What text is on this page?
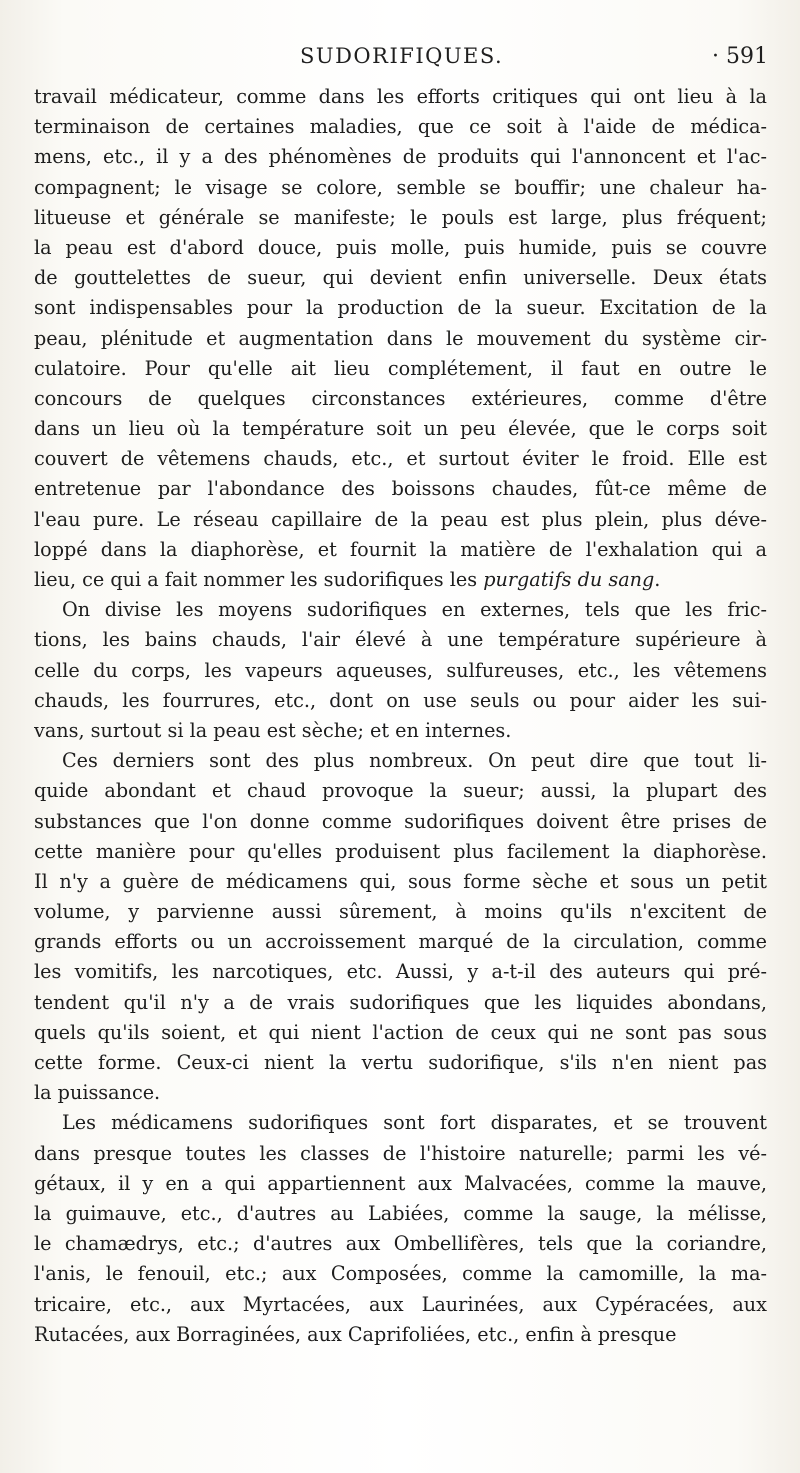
SUDORIFIQUES.	· 591
travail médicateur, comme dans les efforts critiques qui ont lieu à la
terminaison de certaines maladies, que ce soit à l'aide de médica-
mens, etc., il y a des phénomènes de produits qui l'annoncent et l'ac-
compagnent; le visage se colore, semble se bouffir; une chaleur ha-
litueuse et générale se manifeste; le pouls est large, plus fréquent;
la peau est d'abord douce, puis molle, puis humide, puis se couvre
de gouttelettes de sueur, qui devient enfin universelle. Deux états
sont indispensables pour la production de la sueur. Excitation de la
peau, plénitude et augmentation dans le mouvement du système cir-
culatoire. Pour qu'elle ait lieu complétement, il faut en outre le
concours de quelques circonstances extérieures, comme d'être
dans un lieu où la température soit un peu élevée, que le corps soit
couvert de vêtemens chauds, etc., et surtout éviter le froid. Elle est
entretenue par l'abondance des boissons chaudes, fût-ce même de
l'eau pure. Le réseau capillaire de la peau est plus plein, plus déve-
loppé dans la diaphorèse, et fournit la matière de l'exhalation qui a
lieu, ce qui a fait nommer les sudorifiques les purgatifs du sang.
On divise les moyens sudorifiques en externes, tels que les fric-
tions, les bains chauds, l'air élevé à une température supérieure à
celle du corps, les vapeurs aqueuses, sulfureuses, etc., les vêtemens
chauds, les fourrures, etc., dont on use seuls ou pour aider les sui-
vans, surtout si la peau est sèche; et en internes.
Ces derniers sont des plus nombreux. On peut dire que tout li-
quide abondant et chaud provoque la sueur; aussi, la plupart des
substances que l'on donne comme sudorifiques doivent être prises de
cette manière pour qu'elles produisent plus facilement la diaphorèse.
Il n'y a guère de médicamens qui, sous forme sèche et sous un petit
volume, y parvienne aussi sûrement, à moins qu'ils n'excitent de
grands efforts ou un accroissement marqué de la circulation, comme
les vomitifs, les narcotiques, etc. Aussi, y a-t-il des auteurs qui pré-
tendent qu'il n'y a de vrais sudorifiques que les liquides abondans,
quels qu'ils soient, et qui nient l'action de ceux qui ne sont pas sous
cette forme. Ceux-ci nient la vertu sudorifique, s'ils n'en nient pas
la puissance.
Les médicamens sudorifiques sont fort disparates, et se trouvent
dans presque toutes les classes de l'histoire naturelle; parmi les vé-
gétaux, il y en a qui appartiennent aux Malvacées, comme la mauve,
la guimauve, etc., d'autres au Labiées, comme la sauge, la mélisse,
le chamædrys, etc.; d'autres aux Ombellifères, tels que la coriandre,
l'anis, le fenouil, etc.; aux Composées, comme la camomille, la ma-
tricaire, etc., aux Myrtacées, aux Laurinées, aux Cypéracées, aux
Rutacées, aux Borraginées, aux Caprifoliées, etc., enfin à presque
